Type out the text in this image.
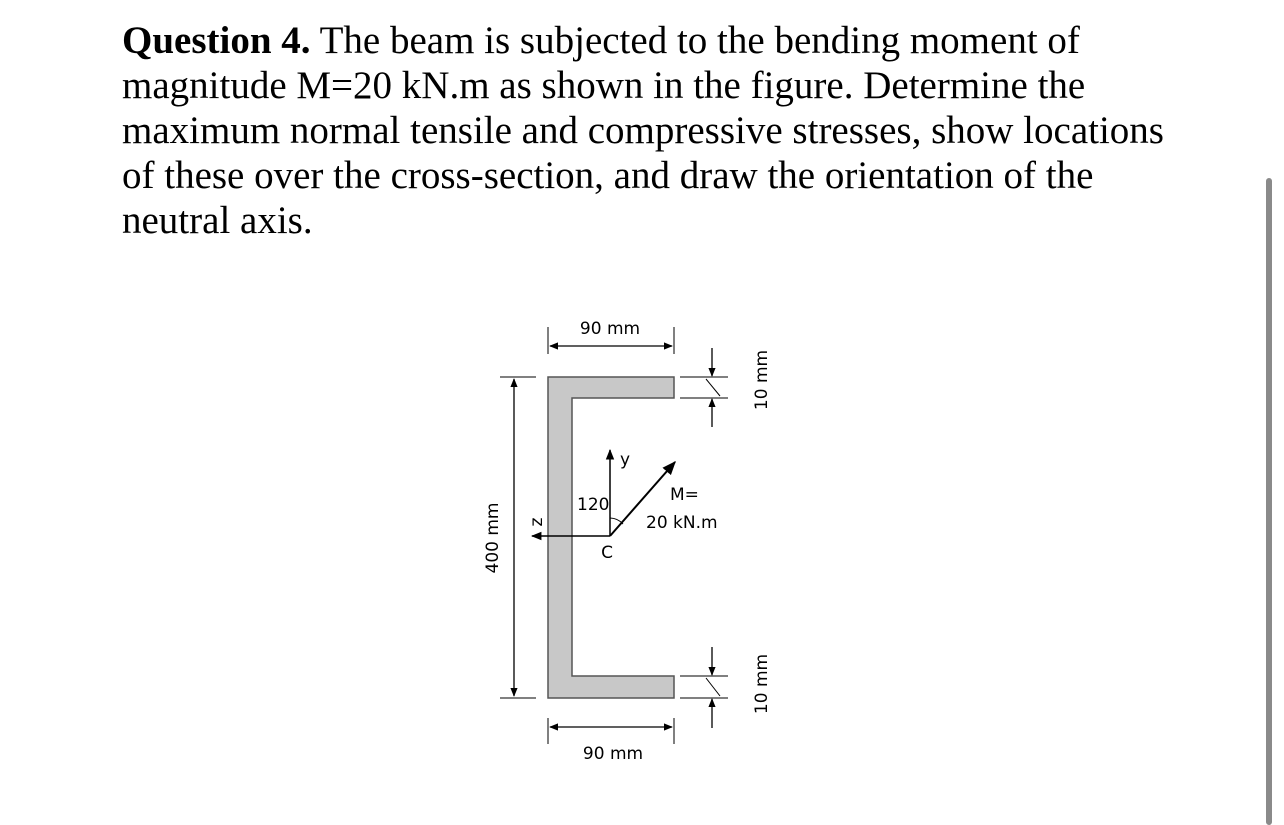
Question 4. The beam is subjected to the bending moment of magnitude M=20 kN.m as shown in the figure. Determine the maximum normal tensile and compressive stresses, show locations of these over the cross-section, and draw the orientation of the neutral axis.

90 mm
90 mm
400 mm
10 mm
10 mm
y
z
C
120	M=
20 kN.m
